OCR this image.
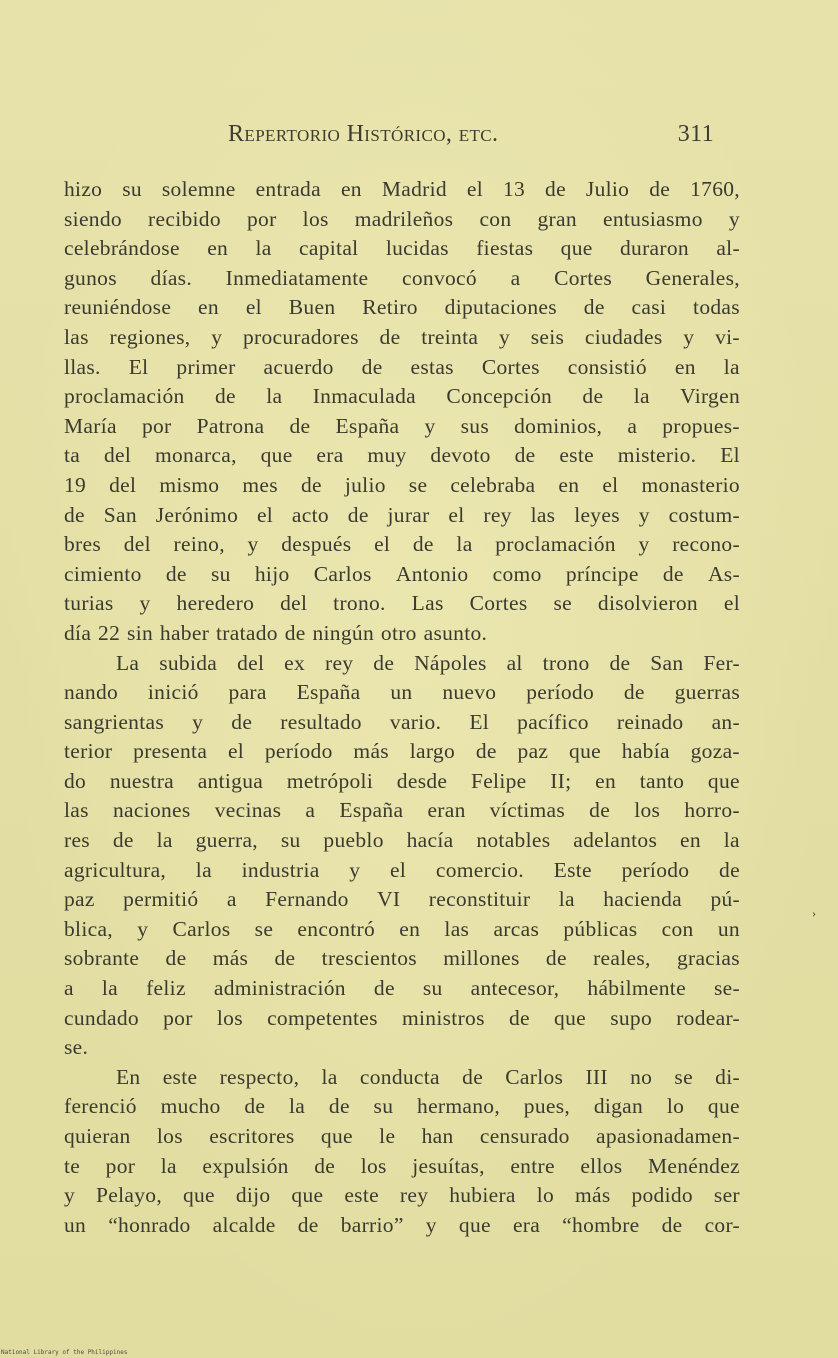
Repertorio Histórico, etc.	311
hizo su solemne entrada en Madrid el 13 de Julio de 1760,
siendo recibido por los madrileños con gran entusiasmo y
celebrándose en la capital lucidas fiestas que duraron al-
gunos días. Inmediatamente convocó a Cortes Generales,
reuniéndose en el Buen Retiro diputaciones de casi todas
las regiones, y procuradores de treinta y seis ciudades y vi-
llas. El primer acuerdo de estas Cortes consistió en la
proclamación de la Inmaculada Concepción de la Virgen
María por Patrona de España y sus dominios, a propues-
ta del monarca, que era muy devoto de este misterio. El
19 del mismo mes de julio se celebraba en el monasterio
de San Jerónimo el acto de jurar el rey las leyes y costum-
bres del reino, y después el de la proclamación y recono-
cimiento de su hijo Carlos Antonio como príncipe de As-
turias y heredero del trono. Las Cortes se disolvieron el
día 22 sin haber tratado de ningún otro asunto.
La subida del ex rey de Nápoles al trono de San Fer-
nando inició para España un nuevo período de guerras
sangrientas y de resultado vario. El pacífico reinado an-
terior presenta el período más largo de paz que había goza-
do nuestra antigua metrópoli desde Felipe II; en tanto que
las naciones vecinas a España eran víctimas de los horro-
res de la guerra, su pueblo hacía notables adelantos en la
agricultura, la industria y el comercio. Este período de
paz permitió a Fernando VI reconstituir la hacienda pú-
blica, y Carlos se encontró en las arcas públicas con un
sobrante de más de trescientos millones de reales, gracias
a la feliz administración de su antecesor, hábilmente se-
cundado por los competentes ministros de que supo rodear-
se.
En este respecto, la conducta de Carlos III no se di-
ferenció mucho de la de su hermano, pues, digan lo que
quieran los escritores que le han censurado apasionadamen-
te por la expulsión de los jesuítas, entre ellos Menéndez
y Pelayo, que dijo que este rey hubiera lo más podido ser
un “honrado alcalde de barrio” y que era “hombre de cor-
›
National Library of the Philippines
